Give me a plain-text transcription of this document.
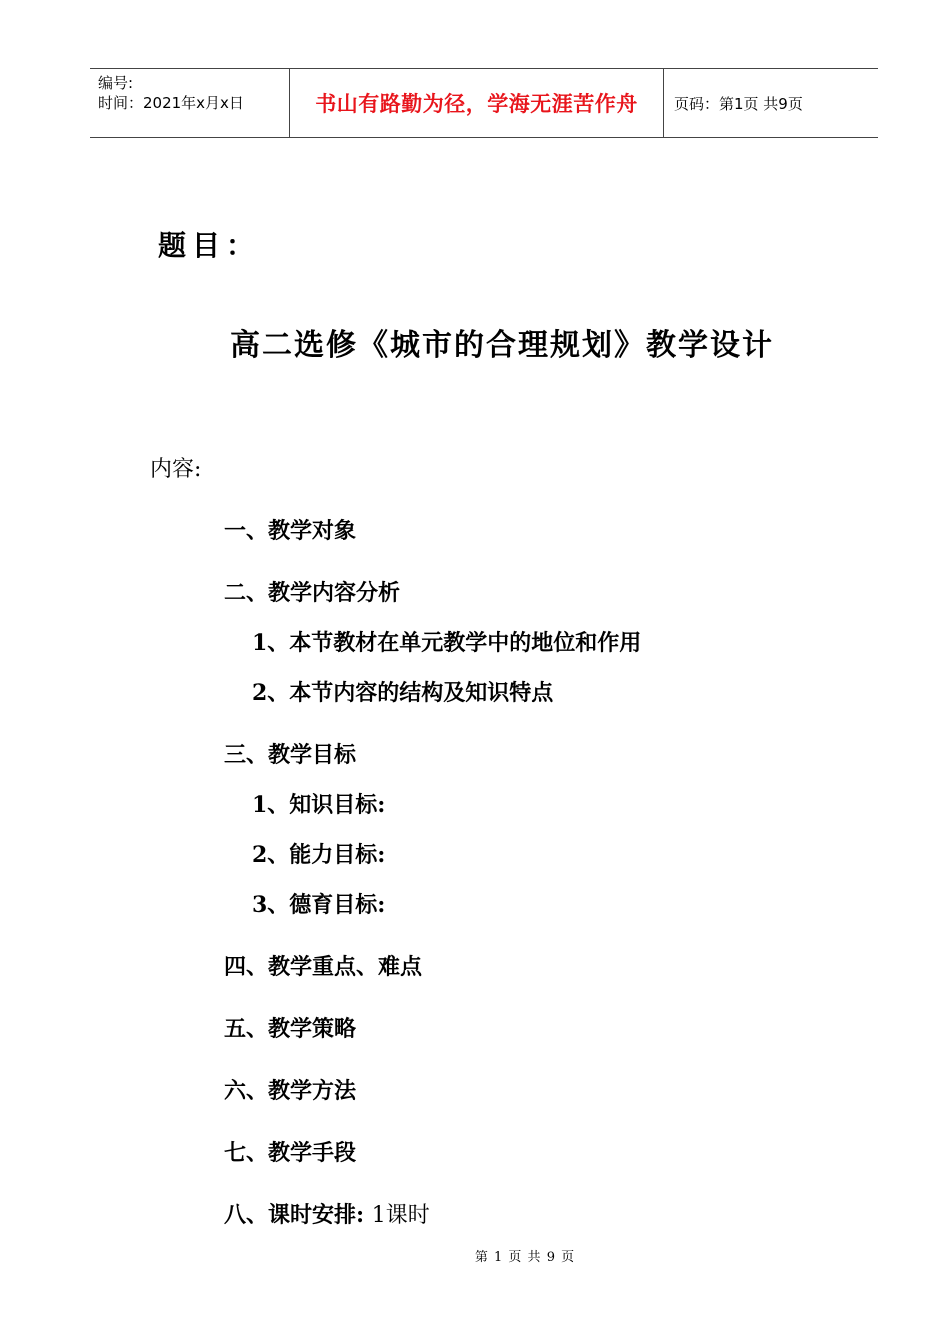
编号:
时间：2021年x月x日	书山有路勤为径，学海无涯苦作舟 页码：第1页 共9页
题目：
高二选修《城市的合理规划》教学设计
内容:
一、教学对象
二、教学内容分析
1、本节教材在单元教学中的地位和作用
2、本节内容的结构及知识特点
三、教学目标
1、知识目标:
2、能力目标:
3、德育目标:
四、教学重点、难点
五、教学策略
六、教学方法
七、教学手段
八、课时安排: 1课时
第 1 页 共 9 页
